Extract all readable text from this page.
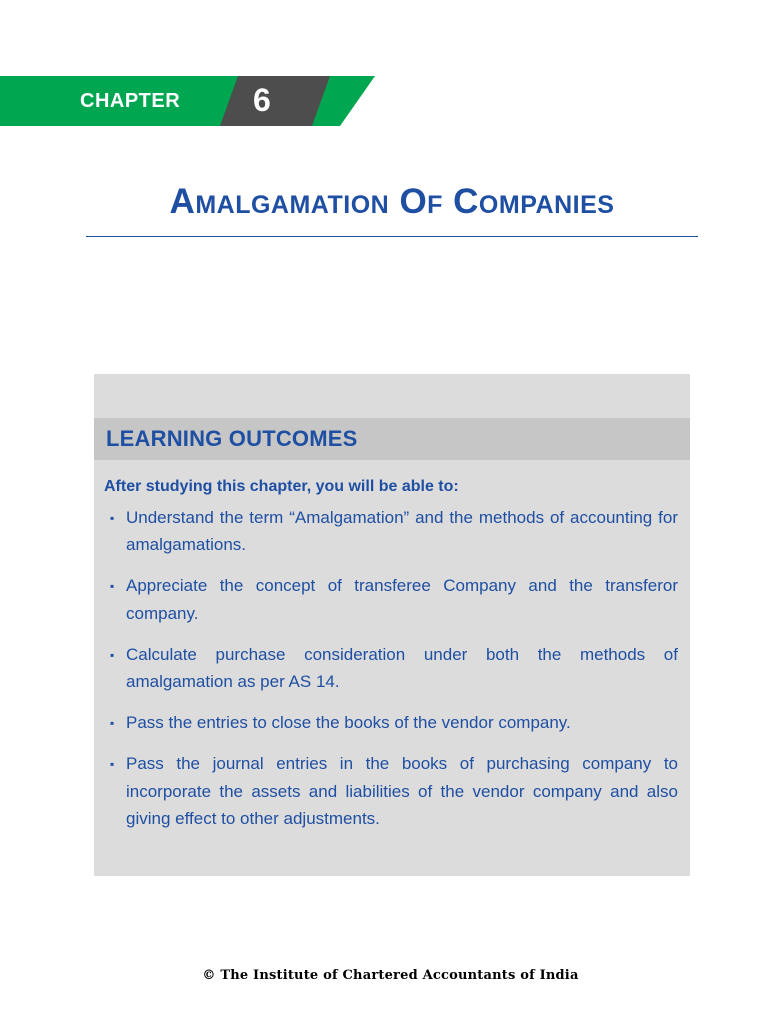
CHAPTER 6
Amalgamation Of Companies
LEARNING OUTCOMES
After studying this chapter, you will be able to:
▪ Understand the term “Amalgamation” and the methods of accounting for amalgamations.
▪ Appreciate the concept of transferee Company and the transferor company.
▪ Calculate purchase consideration under both the methods of amalgamation as per AS 14.
▪ Pass the entries to close the books of the vendor company.
▪ Pass the journal entries in the books of purchasing company to incorporate the assets and liabilities of the vendor company and also giving effect to other adjustments.
© The Institute of Chartered Accountants of India
